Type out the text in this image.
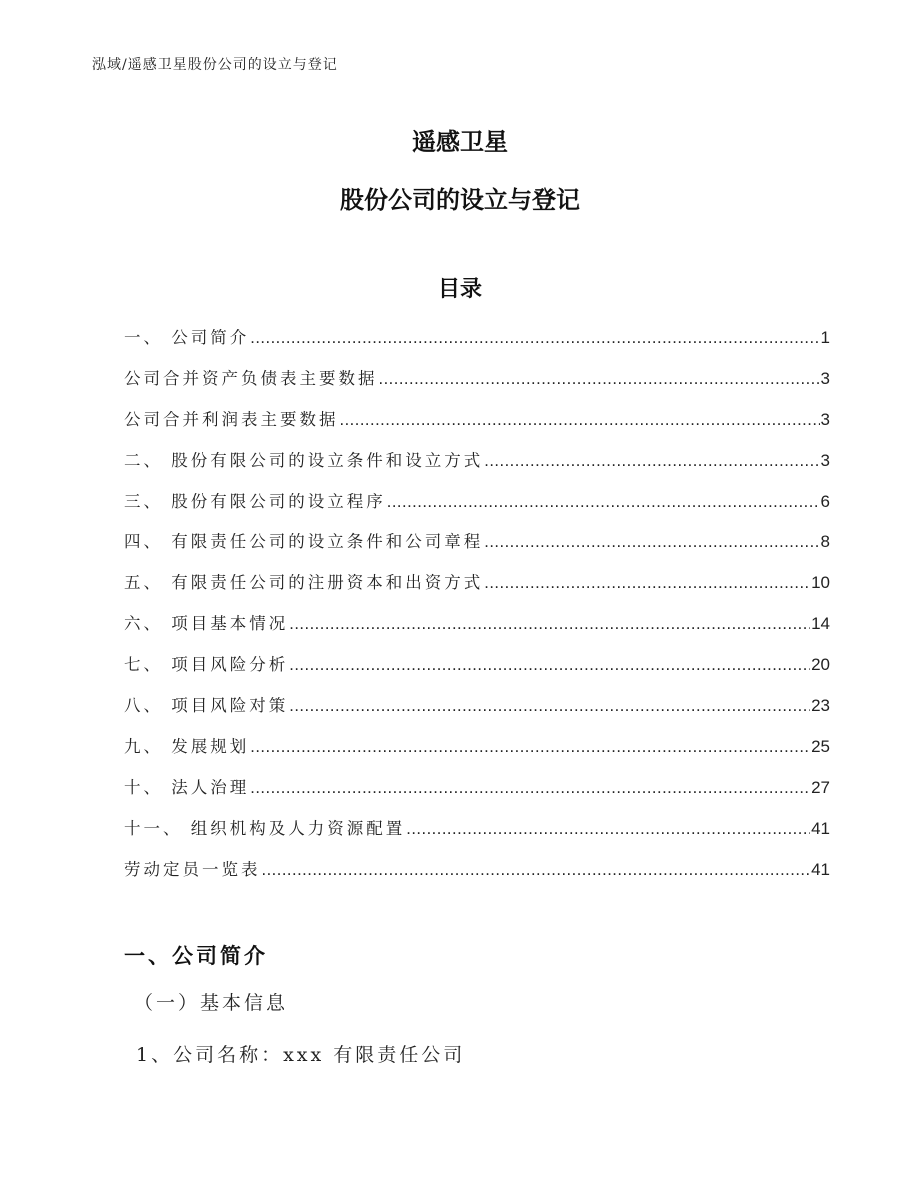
泓域/遥感卫星股份公司的设立与登记
遥感卫星
股份公司的设立与登记
目录
一、 公司简介 .....	1
公司合并资产负债表主要数据 .....	3
公司合并利润表主要数据 .....	3
二、 股份有限公司的设立条件和设立方式 .....	3
三、 股份有限公司的设立程序 .....	6
四、 有限责任公司的设立条件和公司章程 .....	8
五、 有限责任公司的注册资本和出资方式 .....	10
六、 项目基本情况 .....	14
七、 项目风险分析 .....	20
八、 项目风险对策 .....	23
九、 发展规划 .....	25
十、 法人治理 .....	27
十一、 组织机构及人力资源配置 .....	41
劳动定员一览表 .....	41
一、公司简介
（一）基本信息
1、公司名称：xxx 有限责任公司
